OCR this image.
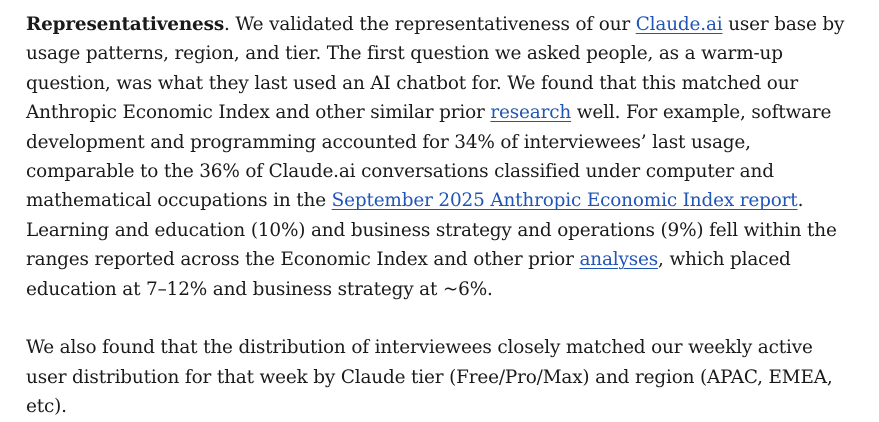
Representativeness. We validated the representativeness of our Claude.ai user base by usage patterns, region, and tier. The first question we asked people, as a warm-up question, was what they last used an AI chatbot for. We found that this matched our Anthropic Economic Index and other similar prior research well. For example, software development and programming accounted for 34% of interviewees’ last usage, comparable to the 36% of Claude.ai conversations classified under computer and mathematical occupations in the September 2025 Anthropic Economic Index report. Learning and education (10%) and business strategy and operations (9%) fell within the ranges reported across the Economic Index and other prior analyses, which placed education at 7–12% and business strategy at ~6%.

We also found that the distribution of interviewees closely matched our weekly active user distribution for that week by Claude tier (Free/Pro/Max) and region (APAC, EMEA, etc).
